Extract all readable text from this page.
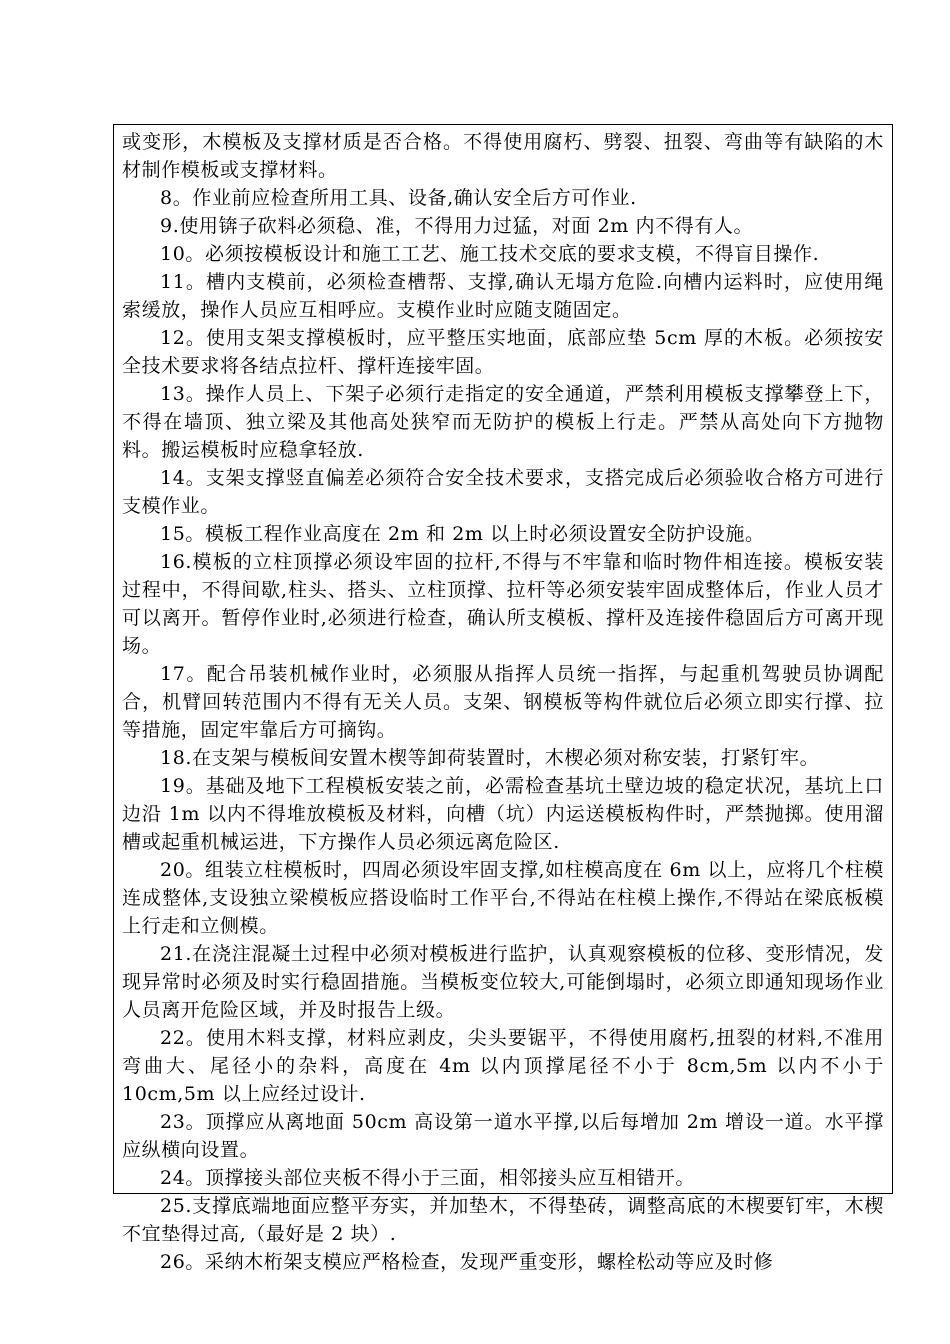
或变形，木模板及支撑材质是否合格。不得使用腐朽、劈裂、扭裂、弯曲等有缺陷的木材制作模板或支撑材料。

8。作业前应检查所用工具、设备,确认安全后方可作业.

9.使用锛子砍料必须稳、准，不得用力过猛，对面 2m 内不得有人。

10。必须按模板设计和施工工艺、施工技术交底的要求支模，不得盲目操作.

11。槽内支模前，必须检查槽帮、支撑,确认无塌方危险.向槽内运料时，应使用绳索缓放，操作人员应互相呼应。支模作业时应随支随固定。

12。使用支架支撑模板时，应平整压实地面，底部应垫 5cm 厚的木板。必须按安全技术要求将各结点拉杆、撑杆连接牢固。

13。操作人员上、下架子必须行走指定的安全通道，严禁利用模板支撑攀登上下，不得在墙顶、独立梁及其他高处狭窄而无防护的模板上行走。严禁从高处向下方抛物料。搬运模板时应稳拿轻放.

14。支架支撑竖直偏差必须符合安全技术要求，支搭完成后必须验收合格方可进行支模作业。

15。模板工程作业高度在 2m 和 2m 以上时必须设置安全防护设施。

16.模板的立柱顶撑必须设牢固的拉杆,不得与不牢靠和临时物件相连接。模板安装过程中，不得间歇,柱头、搭头、立柱顶撑、拉杆等必须安装牢固成整体后，作业人员才可以离开。暂停作业时,必须进行检查，确认所支模板、撑杆及连接件稳固后方可离开现场。

17。配合吊装机械作业时，必须服从指挥人员统一指挥，与起重机驾驶员协调配合，机臂回转范围内不得有无关人员。支架、钢模板等构件就位后必须立即实行撑、拉等措施，固定牢靠后方可摘钩。

18.在支架与模板间安置木楔等卸荷装置时，木楔必须对称安装，打紧钉牢。

19。基础及地下工程模板安装之前，必需检查基坑土壁边坡的稳定状况，基坑上口边沿 1m 以内不得堆放模板及材料，向槽（坑）内运送模板构件时，严禁抛掷。使用溜槽或起重机械运进，下方操作人员必须远离危险区.

20。组装立柱模板时，四周必须设牢固支撑,如柱模高度在 6m 以上，应将几个柱模连成整体,支设独立梁模板应搭设临时工作平台,不得站在柱模上操作,不得站在梁底板模上行走和立侧模。

21.在浇注混凝土过程中必须对模板进行监护，认真观察模板的位移、变形情况，发现异常时必须及时实行稳固措施。当模板变位较大,可能倒塌时，必须立即通知现场作业人员离开危险区域，并及时报告上级。

22。使用木料支撑，材料应剥皮，尖头要锯平，不得使用腐朽,扭裂的材料,不准用弯曲大、尾径小的杂料，高度在 4m 以内顶撑尾径不小于 8cm,5m 以内不小于 10cm,5m 以上应经过设计.

23。顶撑应从离地面 50cm 高设第一道水平撑,以后每增加 2m 增设一道。水平撑应纵横向设置。

24。顶撑接头部位夹板不得小于三面，相邻接头应互相错开。

25.支撑底端地面应整平夯实，并加垫木，不得垫砖，调整高底的木楔要钉牢，木楔不宜垫得过高,（最好是 2 块）.

26。采纳木桁架支模应严格检查，发现严重变形，螺栓松动等应及时修
